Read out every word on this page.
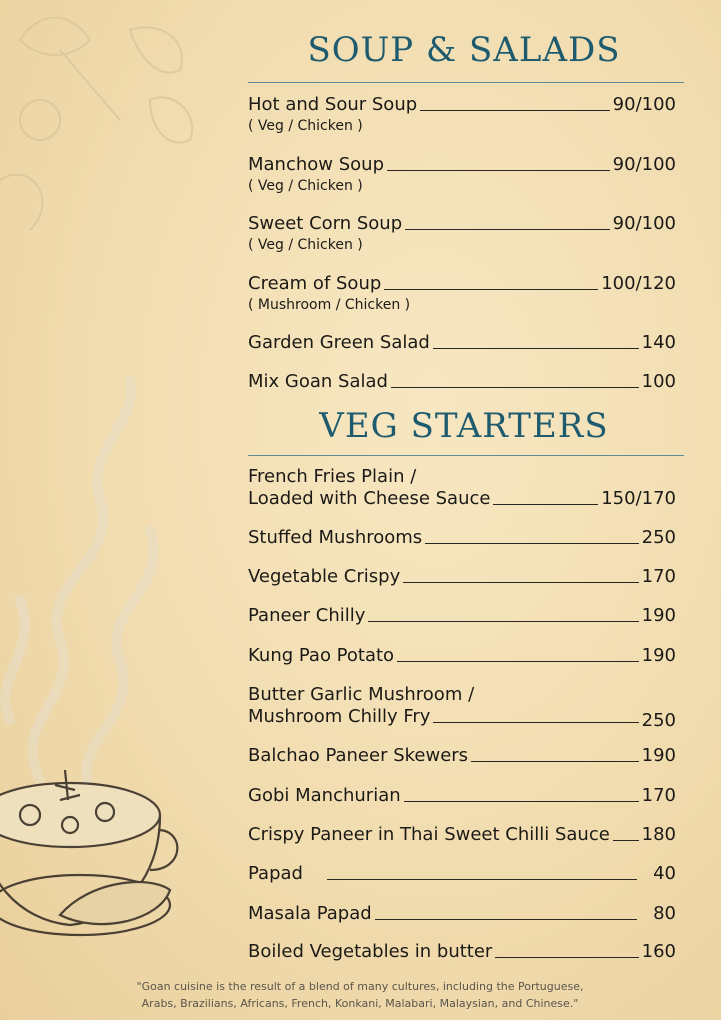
SOUP & SALADS
Hot and Sour Soup	90/100
( Veg / Chicken )
Manchow Soup	90/100
( Veg / Chicken )
Sweet Corn Soup	90/100
( Veg / Chicken )
Cream of Soup	100/120
( Mushroom / Chicken )
Garden Green Salad	140
Mix Goan Salad	100
VEG STARTERS
French Fries Plain /
Loaded with Cheese Sauce	150/170
Stuffed Mushrooms	250
Vegetable Crispy	170
Paneer Chilly	190
Kung Pao Potato	190
Butter Garlic Mushroom /
Mushroom Chilly Fry	250
Balchao Paneer Skewers	190
Gobi Manchurian	170
Crispy Paneer in Thai Sweet Chilli Sauce 180
Papad	40
Masala Papad	80
Boiled Vegetables in butter	160
"Goan cuisine is the result of a blend of many cultures, including the Portuguese,
Arabs, Brazilians, Africans, French, Konkani, Malabari, Malaysian, and Chinese."
